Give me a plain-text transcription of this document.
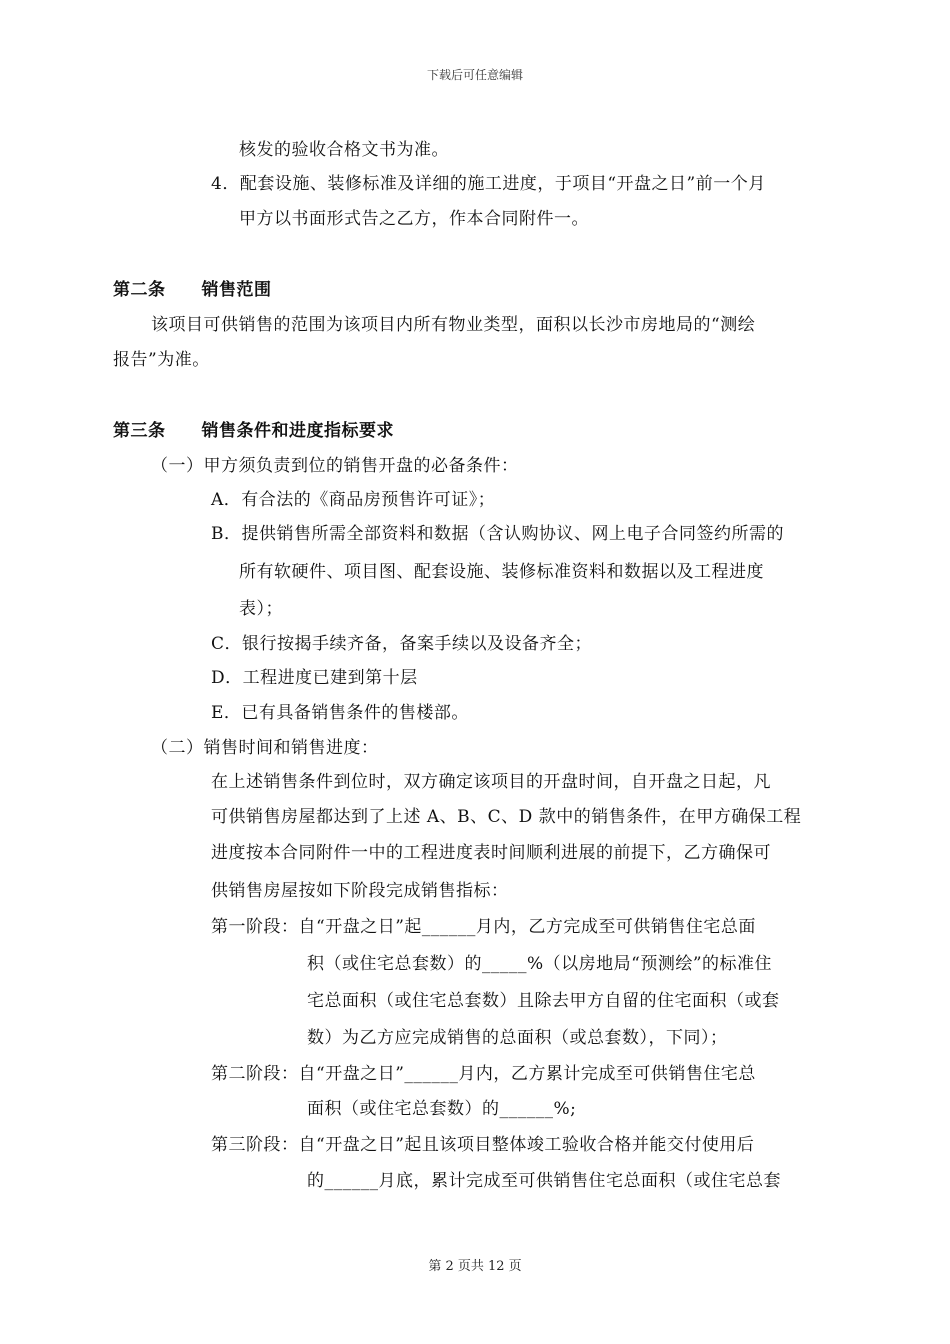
下载后可任意编辑
核发的验收合格文书为准。
4．配套设施、装修标准及详细的施工进度，于项目“开盘之日”前一个月
甲方以书面形式告之乙方，作本合同附件一。
第二条 销售范围
该项目可供销售的范围为该项目内所有物业类型，面积以长沙市房地局的“测绘
报告”为准。
第三条 销售条件和进度指标要求
（一）甲方须负责到位的销售开盘的必备条件：
A．有合法的《商品房预售许可证》；
B．提供销售所需全部资料和数据（含认购协议、网上电子合同签约所需的
所有软硬件、项目图、配套设施、装修标准资料和数据以及工程进度
表）；
C．银行按揭手续齐备，备案手续以及设备齐全；
D．工程进度已建到第十层
E．已有具备销售条件的售楼部。
（二）销售时间和销售进度：
在上述销售条件到位时，双方确定该项目的开盘时间，自开盘之日起，凡
可供销售房屋都达到了上述 A、B、C、D 款中的销售条件，在甲方确保工程
进度按本合同附件一中的工程进度表时间顺利进展的前提下，乙方确保可
供销售房屋按如下阶段完成销售指标：
第一阶段：自“开盘之日”起______月内，乙方完成至可供销售住宅总面
积（或住宅总套数）的_____%（以房地局“预测绘”的标准住
宅总面积（或住宅总套数）且除去甲方自留的住宅面积（或套
数）为乙方应完成销售的总面积（或总套数），下同）；
第二阶段：自“开盘之日”______月内，乙方累计完成至可供销售住宅总
面积（或住宅总套数）的______%;
第三阶段：自“开盘之日”起且该项目整体竣工验收合格并能交付使用后
的______月底，累计完成至可供销售住宅总面积（或住宅总套
第 2 页共 12 页
